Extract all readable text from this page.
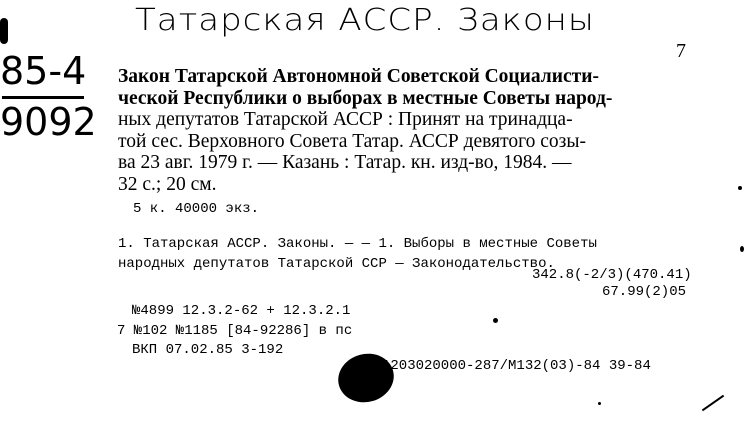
Татарская АССР. Законы
85-4
9092
7
Закон Татарской Автономной Советской Социалисти-
ческой Республики о выборах в местные Советы народ-
ных депутатов Татарской АССР : Принят на тринадца-
той сес. Верховного Совета Татар. АССР девятого созы-
ва 23 авг. 1979 г. — Казань : Татар. кн. изд-во, 1984. —
32 с.; 20 см.
5 к. 40000 экз.
1. Татарская АССР. Законы. — — 1. Выборы в местные Советы
народных депутатов Татарской ССР — Законодательство.
342.8(-2/3)(470.41)
67.99(2)05
№4899 12.3.2-62 + 12.3.2.1
7 №102 №1185 [84-92286] в пс
ВКП 07.02.85 3-192
1203020000-287/М132(03)-84 39-84
